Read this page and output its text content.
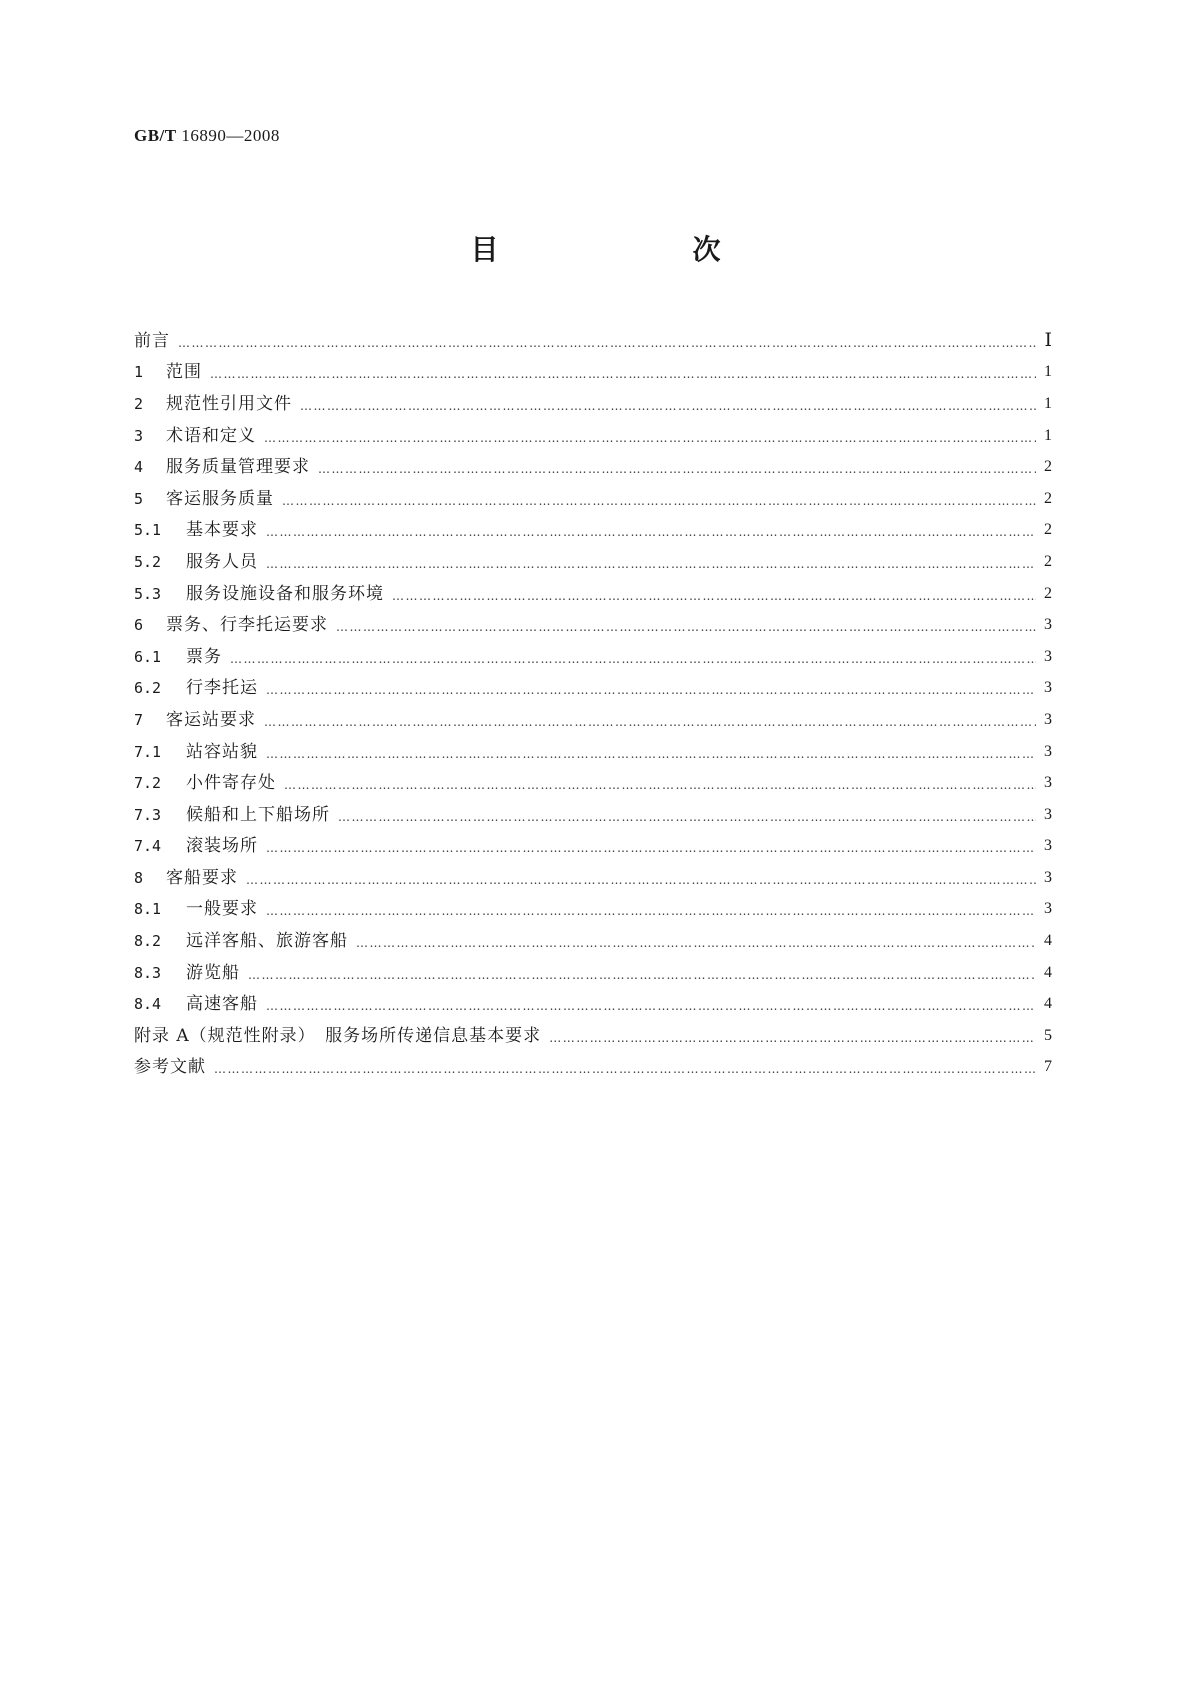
GB/T 16890—2008
目　　次
前言 ………………………………………………………………………………………………………………………………………………………………………………………………………………	Ⅰ
1	范围 ………………………………………………………………………………………………………………………………………………………………………………………………………………	1
2	规范性引用文件 ………………………………………………………………………………………………………………………………………………………………………………………………………………	1
3	术语和定义 ………………………………………………………………………………………………………………………………………………………………………………………………………………	1
4	服务质量管理要求 ………………………………………………………………………………………………………………………………………………………………………………………………………………	2
5	客运服务质量 ………………………………………………………………………………………………………………………………………………………………………………………………………………	2
5.1	基本要求 ………………………………………………………………………………………………………………………………………………………………………………………………………………	2
5.2	服务人员 ………………………………………………………………………………………………………………………………………………………………………………………………………………	2
5.3	服务设施设备和服务环境 ………………………………………………………………………………………………………………………………………………………………………………………………………………	2
6	票务、行李托运要求 ………………………………………………………………………………………………………………………………………………………………………………………………………………	3
6.1	票务 ………………………………………………………………………………………………………………………………………………………………………………………………………………	3
6.2	行李托运 ………………………………………………………………………………………………………………………………………………………………………………………………………………	3
7	客运站要求 ………………………………………………………………………………………………………………………………………………………………………………………………………………	3
7.1	站容站貌 ………………………………………………………………………………………………………………………………………………………………………………………………………………	3
7.2	小件寄存处 ………………………………………………………………………………………………………………………………………………………………………………………………………………	3
7.3	候船和上下船场所 ………………………………………………………………………………………………………………………………………………………………………………………………………………	3
7.4	滚装场所 ………………………………………………………………………………………………………………………………………………………………………………………………………………	3
8	客船要求 ………………………………………………………………………………………………………………………………………………………………………………………………………………	3
8.1	一般要求 ………………………………………………………………………………………………………………………………………………………………………………………………………………	3
8.2	远洋客船、旅游客船 ………………………………………………………………………………………………………………………………………………………………………………………………………………	4
8.3	游览船 ………………………………………………………………………………………………………………………………………………………………………………………………………………	4
8.4	高速客船 ………………………………………………………………………………………………………………………………………………………………………………………………………………	4
附录 A（规范性附录）　服务场所传递信息基本要求 ………………………………………………………………………………………………………………………………………………………………………………………………………………	5
参考文献 ………………………………………………………………………………………………………………………………………………………………………………………………………………	7
